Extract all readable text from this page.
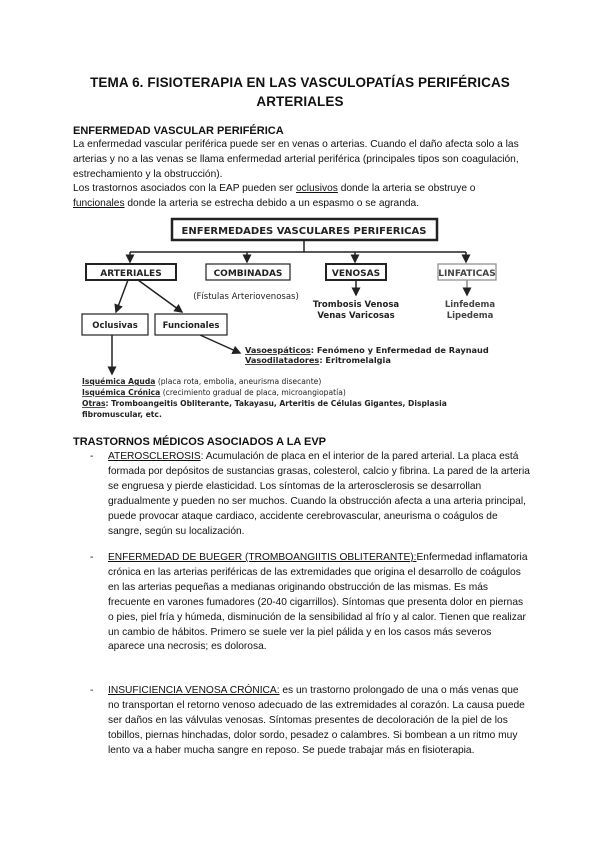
TEMA 6. FISIOTERAPIA EN LAS VASCULOPATÍAS PERIFÉRICAS ARTERIALES
ENFERMEDAD VASCULAR PERIFÉRICA
La enfermedad vascular periférica puede ser en venas o arterias. Cuando el daño afecta solo a las arterias y no a las venas se llama enfermedad arterial periférica (principales tipos son coagulación, estrechamiento y la obstrucción).
Los trastornos asociados con la EAP pueden ser oclusivos donde la arteria se obstruye o funcionales donde la arteria se estrecha debido a un espasmo o se agranda.
ENFERMEDADES VASCULARES PERIFERICAS
ARTERIALES	COMBINADAS	VENOSAS	LINFATICAS
(Fístulas Arteriovenosas)
Trombosis Venosa
Venas Varicosas
Linfedema
Lipedema
Oclusivas	Funcionales
Vasoespáticos: Fenómeno y Enfermedad de Raynaud
Vasodilatadores: Eritromelalgia
Isquémica Aguda (placa rota, embolia, aneurisma disecante)
Isquémica Crónica (crecimiento gradual de placa, microangiopatía)
Otras: Tromboangeitis Obliterante, Takayasu, Arteritis de Células Gigantes, Displasia
fibromuscular, etc.
TRASTORNOS MÉDICOS ASOCIADOS A LA EVP
- ATEROSCLEROSIS: Acumulación de placa en el interior de la pared arterial. La placa está formada por depósitos de sustancias grasas, colesterol, calcio y fibrina. La pared de la arteria se engruesa y pierde elasticidad. Los síntomas de la arterosclerosis se desarrollan gradualmente y pueden no ser muchos. Cuando la obstrucción afecta a una arteria principal, puede provocar ataque cardiaco, accidente cerebrovascular, aneurisma o coágulos de sangre, según su localización.
- ENFERMEDAD DE BUEGER (TROMBOANGIITIS OBLITERANTE):Enfermedad inflamatoria crónica en las arterias periféricas de las extremidades que origina el desarrollo de coágulos en las arterias pequeñas a medianas originando obstrucción de las mismas. Es más frecuente en varones fumadores (20-40 cigarrillos). Síntomas que presenta dolor en piernas o pies, piel fría y húmeda, disminución de la sensibilidad al frío y al calor. Tienen que realizar un cambio de hábitos. Primero se suele ver la piel pálida y en los casos más severos aparece una necrosis; es dolorosa.
- INSUFICIENCIA VENOSA CRÓNICA: es un trastorno prolongado de una o más venas que no transportan el retorno venoso adecuado de las extremidades al corazón. La causa puede ser daños en las válvulas venosas. Síntomas presentes de decoloración de la piel de los tobillos, piernas hinchadas, dolor sordo, pesadez o calambres. Si bombean a un ritmo muy lento va a haber mucha sangre en reposo. Se puede trabajar más en fisioterapia.
